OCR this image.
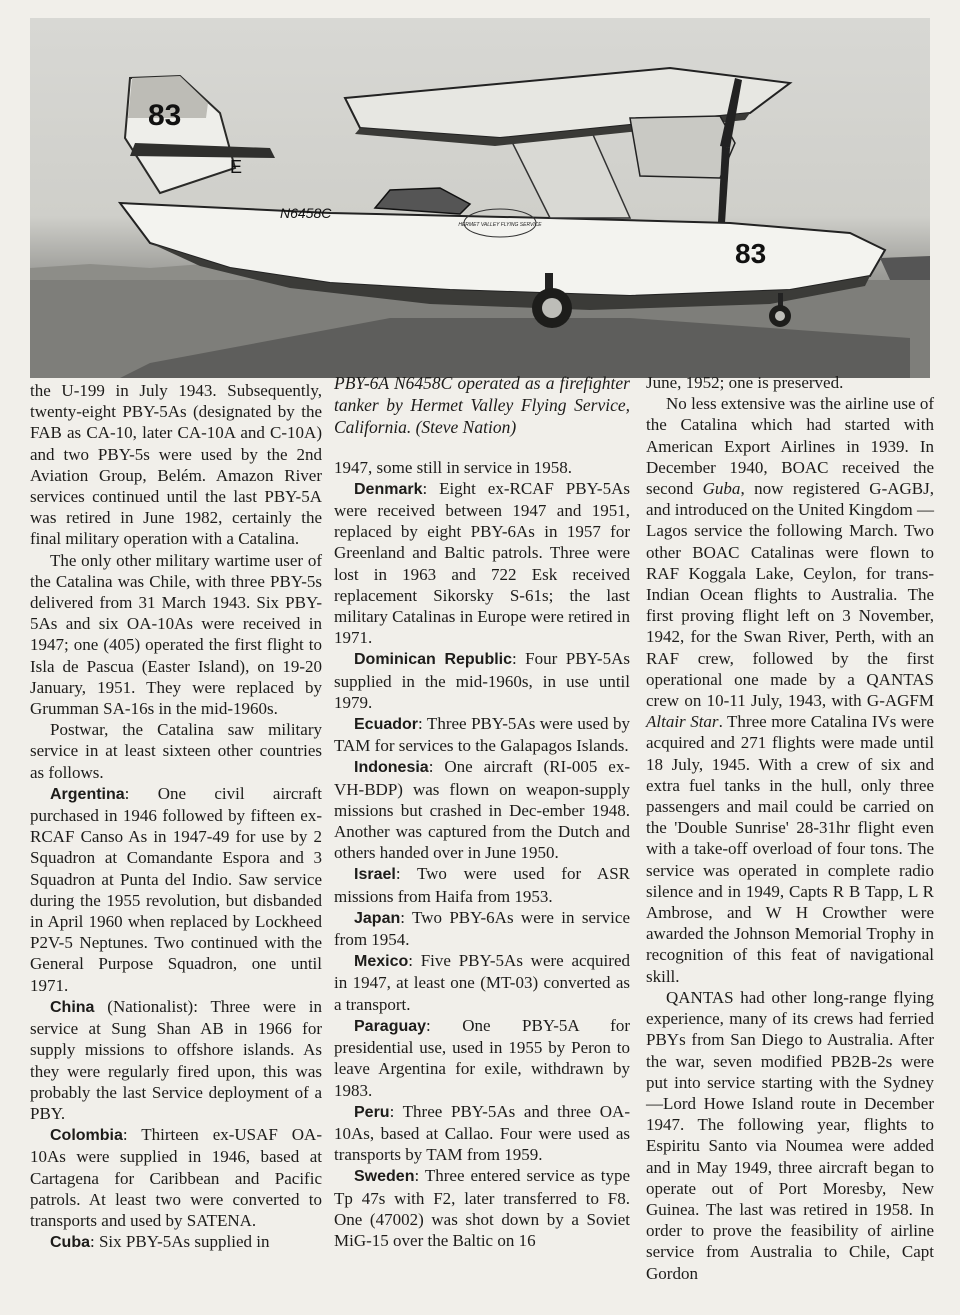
83
E
N6458C
83
HERMET VALLEY FLYING SERVICE

the U-199 in July 1943. Subsequently, twenty-eight PBY-5As (designated by the FAB as CA-10, later CA-10A and C-10A) and two PBY-5s were used by the 2nd Aviation Group, Belém. Amazon River services continued until the last PBY-5A was retired in June 1982, certainly the final military operation with a Catalina.

The only other military wartime user of the Catalina was Chile, with three PBY-5s delivered from 31 March 1943. Six PBY-5As and six OA-10As were received in 1947; one (405) operated the first flight to Isla de Pascua (Easter Island), on 19-20 January, 1951. They were replaced by Grumman SA-16s in the mid-1960s.

Postwar, the Catalina saw military service in at least sixteen other countries as follows.

Argentina: One civil aircraft purchased in 1946 followed by fifteen ex-RCAF Canso As in 1947-49 for use by 2 Squadron at Comandante Espora and 3 Squadron at Punta del Indio. Saw service during the 1955 revolution, but disbanded in April 1960 when replaced by Lockheed P2V-5 Neptunes. Two continued with the General Purpose Squadron, one until 1971.

China (Nationalist): Three were in service at Sung Shan AB in 1966 for supply missions to offshore islands. As they were regularly fired upon, this was probably the last Service deployment of a PBY.

Colombia: Thirteen ex-USAF OA-10As were supplied in 1946, based at Cartagena for Caribbean and Pacific patrols. At least two were converted to transports and used by SATENA.

Cuba: Six PBY-5As supplied in

PBY-6A N6458C operated as a firefighter tanker by Hermet Valley Flying Service, California. (Steve Nation)

1947, some still in service in 1958.

Denmark: Eight ex-RCAF PBY-5As were received between 1947 and 1951, replaced by eight PBY-6As in 1957 for Greenland and Baltic patrols. Three were lost in 1963 and 722 Esk received replacement Sikorsky S-61s; the last military Catalinas in Europe were retired in 1971.

Dominican Republic: Four PBY-5As supplied in the mid-1960s, in use until 1979.

Ecuador: Three PBY-5As were used by TAM for services to the Galapagos Islands.

Indonesia: One aircraft (RI-005 ex-VH-BDP) was flown on weapon-supply missions but crashed in Dec-ember 1948. Another was captured from the Dutch and others handed over in June 1950.

Israel: Two were used for ASR missions from Haifa from 1953.

Japan: Two PBY-6As were in service from 1954.

Mexico: Five PBY-5As were acquired in 1947, at least one (MT-03) converted as a transport.

Paraguay: One PBY-5A for presidential use, used in 1955 by Peron to leave Argentina for exile, withdrawn by 1983.

Peru: Three PBY-5As and three OA-10As, based at Callao. Four were used as transports by TAM from 1959.

Sweden: Three entered service as type Tp 47s with F2, later transferred to F8. One (47002) was shot down by a Soviet MiG-15 over the Baltic on 16

June, 1952; one is preserved.

No less extensive was the airline use of the Catalina which had started with American Export Airlines in 1939. In December 1940, BOAC received the second Guba, now registered G-AGBJ, and introduced on the United Kingdom — Lagos service the following March. Two other BOAC Catalinas were flown to RAF Koggala Lake, Ceylon, for trans-Indian Ocean flights to Australia. The first proving flight left on 3 November, 1942, for the Swan River, Perth, with an RAF crew, followed by the first operational one made by a QANTAS crew on 10-11 July, 1943, with G-AGFM Altair Star. Three more Catalina IVs were acquired and 271 flights were made until 18 July, 1945. With a crew of six and extra fuel tanks in the hull, only three passengers and mail could be carried on the 'Double Sunrise' 28-31hr flight even with a take-off overload of four tons. The service was operated in complete radio silence and in 1949, Capts R B Tapp, L R Ambrose, and W H Crowther were awarded the Johnson Memorial Trophy in recognition of this feat of navigational skill.

QANTAS had other long-range flying experience, many of its crews had ferried PBYs from San Diego to Australia. After the war, seven modified PB2B-2s were put into service starting with the Sydney—Lord Howe Island route in December 1947. The following year, flights to Espiritu Santo via Noumea were added and in May 1949, three aircraft began to operate out of Port Moresby, New Guinea. The last was retired in 1958. In order to prove the feasibility of airline service from Australia to Chile, Capt Gordon
